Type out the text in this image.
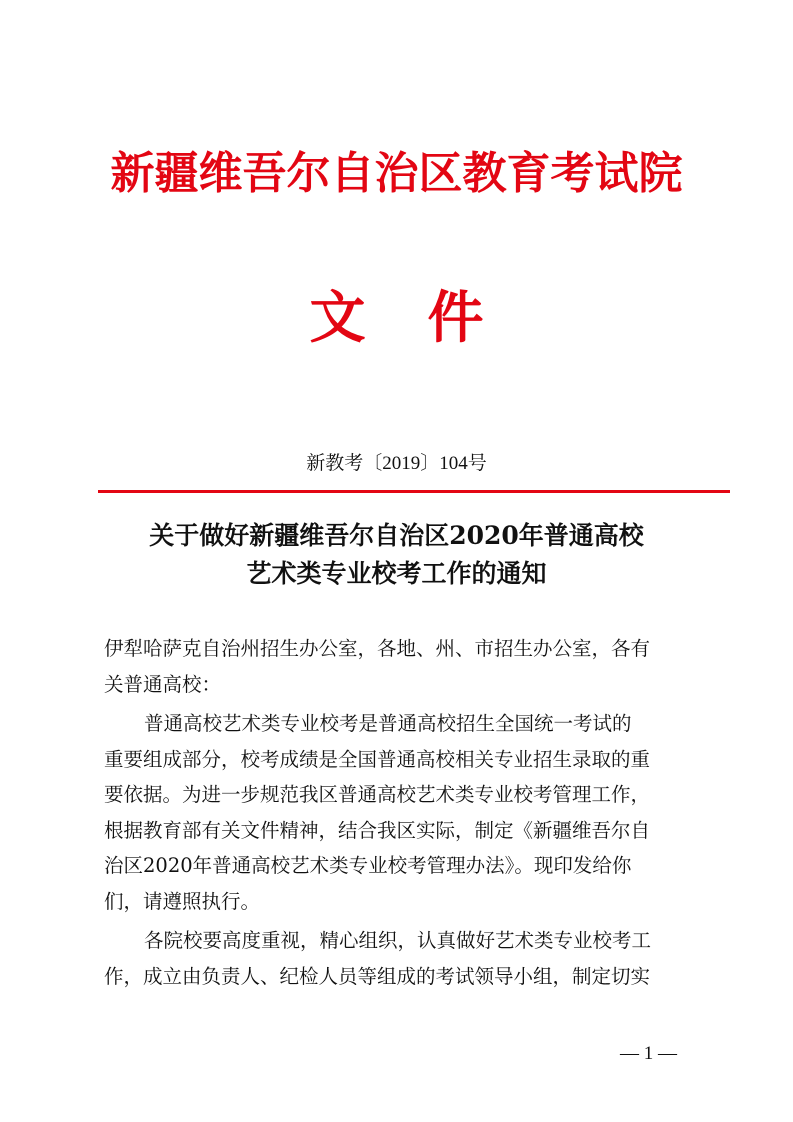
新疆维吾尔自治区教育考试院
文件
新教考〔2019〕104号
关于做好新疆维吾尔自治区2020年普通高校
艺术类专业校考工作的通知
伊犁哈萨克自治州招生办公室，各地、州、市招生办公室，各有
关普通高校：
普通高校艺术类专业校考是普通高校招生全国统一考试的
重要组成部分，校考成绩是全国普通高校相关专业招生录取的重
要依据。为进一步规范我区普通高校艺术类专业校考管理工作，
根据教育部有关文件精神，结合我区实际，制定《新疆维吾尔自
治区2020年普通高校艺术类专业校考管理办法》。现印发给你
们，请遵照执行。
各院校要高度重视，精心组织，认真做好艺术类专业校考工
作，成立由负责人、纪检人员等组成的考试领导小组，制定切实
— 1 —
